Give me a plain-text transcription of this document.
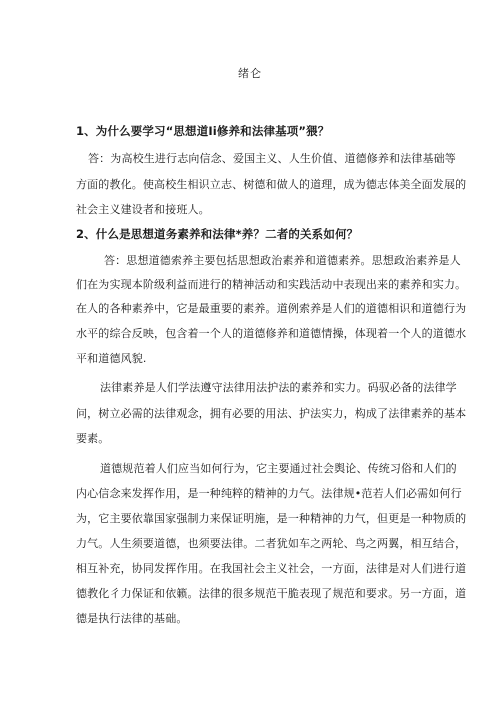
绪仑
1、为什么要学习“思想道Ii修养和法律基项”猥？
答：为高校生进行志向信念、爱国主义、人生价值、道德修养和法律基础等
方面的教化。使高校生相识立志、树德和做人的道理，成为德志体美全面发展的
社会主义建设者和接班人。
2、什么是思想道务素养和法律*养？二者的关系如何？
答：思想道德索养主要包括思想政治素养和道德素养。思想政治素养是人
们在为实现本阶级利益而进行的精神活动和实践活动中表现出来的素养和实力。
在人的各种素养中，它是最重要的素养。道例索养是人们的道德相识和道德行为
水平的综合反映，包含着一个人的道德修养和道德情操，体现着一个人的道德水
平和道德风貌.
法律素养是人们学法遵守法律用法护法的素养和实力。码驭必备的法律学
问，树立必需的法律观念，拥有必要的用法、护法实力，构成了法律素养的基本
要素。
道德规范着人们应当如何行为，它主要通过社会舆论、传统习俗和人们的
内心信念来发挥作用，是一种纯粹的精神的力气。法律规•范若人们必需如何行
为，它主要依靠国家强制力来保证明施，是一种精神的力气，但更是一种物质的
力气。人生须要道德，也须要法律。二者犹如车之两轮、鸟之两翼，相互结合，
相互补充，协同发挥作用。在我国社会主义社会，一方面，法律是对人们进行道
德教化彳力保证和依籁。法律的很多规范干脆表现了规范和要求。另一方面，道
德是执行法律的基础。
